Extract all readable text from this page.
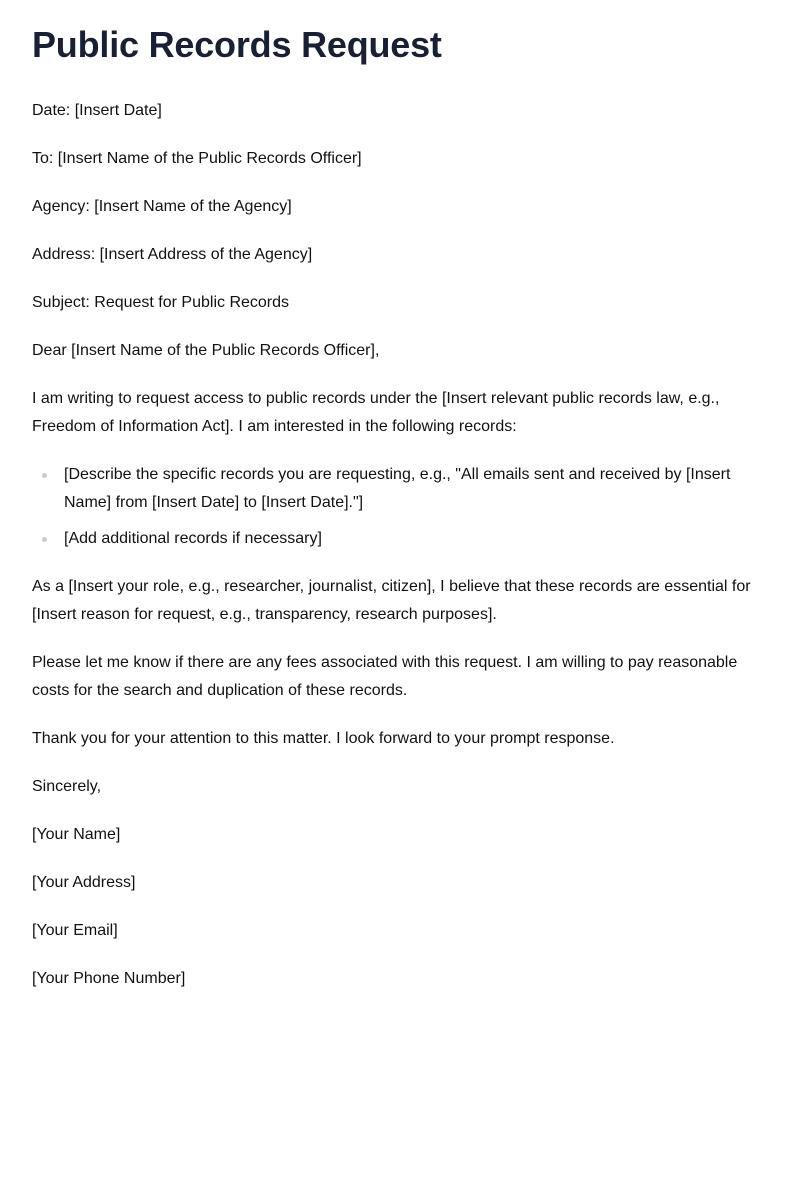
Public Records Request

Date: [Insert Date]

To: [Insert Name of the Public Records Officer]

Agency: [Insert Name of the Agency]

Address: [Insert Address of the Agency]

Subject: Request for Public Records

Dear [Insert Name of the Public Records Officer],

I am writing to request access to public records under the [Insert relevant public records law, e.g., Freedom of Information Act]. I am interested in the following records:

[Describe the specific records you are requesting, e.g., "All emails sent and received by [Insert Name] from [Insert Date] to [Insert Date]."]
[Add additional records if necessary]

As a [Insert your role, e.g., researcher, journalist, citizen], I believe that these records are essential for [Insert reason for request, e.g., transparency, research purposes].

Please let me know if there are any fees associated with this request. I am willing to pay reasonable costs for the search and duplication of these records.

Thank you for your attention to this matter. I look forward to your prompt response.

Sincerely,

[Your Name]

[Your Address]

[Your Email]

[Your Phone Number]
